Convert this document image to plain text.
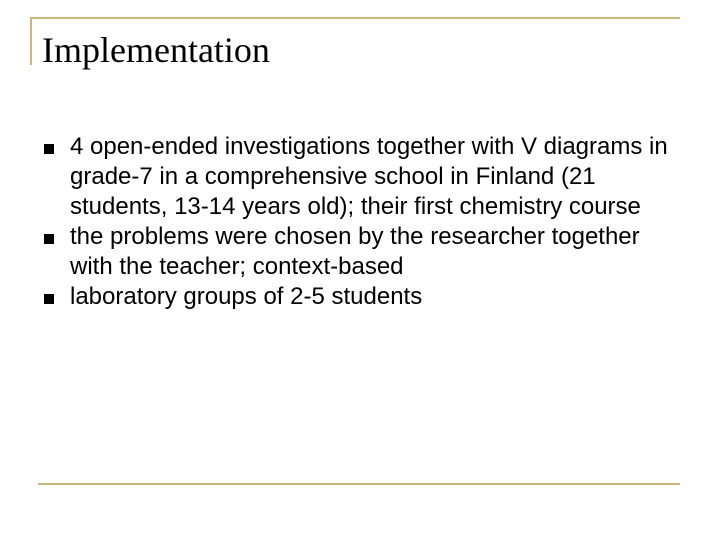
Implementation
4 open-ended investigations together with V diagrams in grade-7 in a comprehensive school in Finland (21 students, 13-14 years old); their first chemistry course
the problems were chosen by the researcher together with the teacher; context-based
laboratory groups of 2-5 students
